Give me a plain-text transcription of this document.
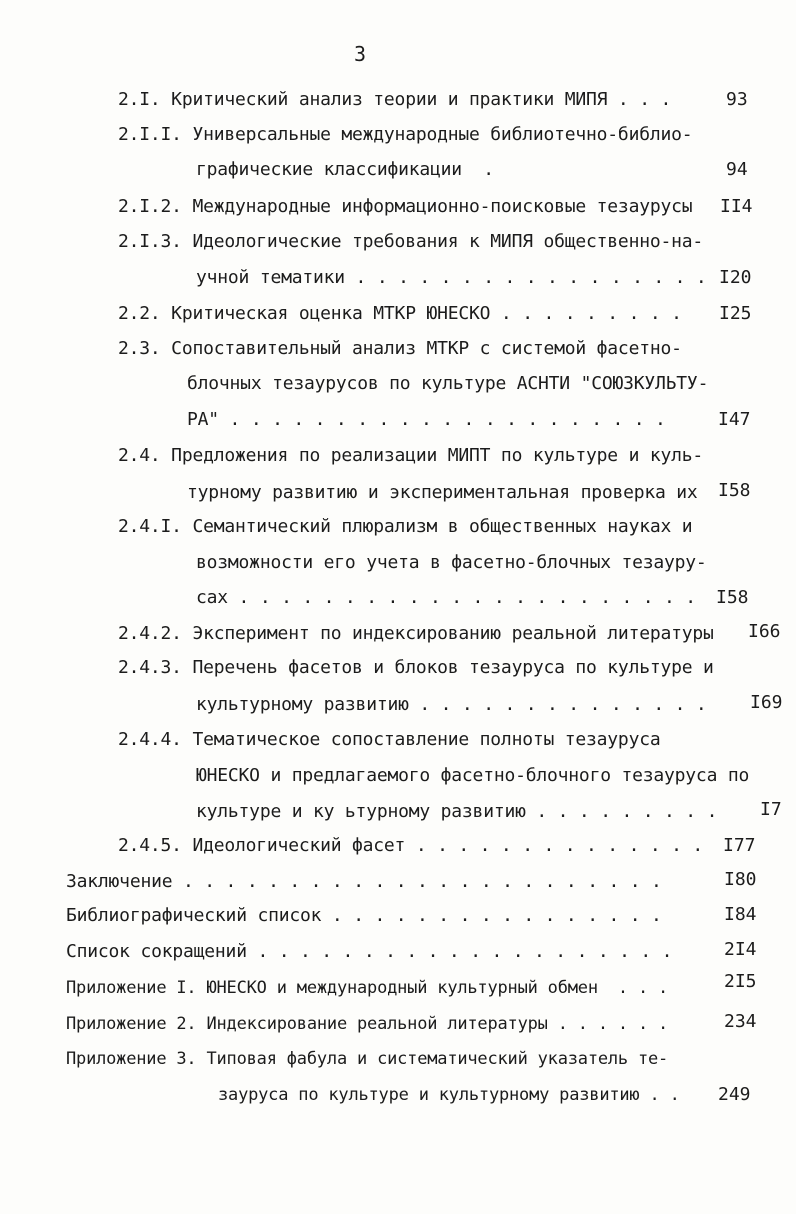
3
2.I. Критический анализ теории и практики МИПЯ . . .	93
2.I.I. Универсальные международные библиотечно-библио-
графические классификации  .	94
2.I.2. Международные информационно-поисковые тезаурусы II4
2.I.3. Идеологические требования к МИПЯ общественно-на-
учной тематики . . . . . . . . . . . . . . . . . I20
2.2. Критическая оценка МТКР ЮНЕСКО . . . . . . . . . I25
2.3. Сопоставительный анализ МТКР с системой фасетно-
блочных тезаурусов по культуре АСНТИ "СОЮЗКУЛЬТУ-
РА" . . . . . . . . . . . . . . . . . . . . .	I47
2.4. Предложения по реализации МИПТ по культуре и куль-
турному развитию и экспериментальная проверка их I58
2.4.I. Семантический плюрализм в общественных науках и
возможности его учета в фасетно-блочных тезауру-
сах . . . . . . . . . . . . . . . . . . . . . . I58
2.4.2. Эксперимент по индексированию реальной литературы I66
2.4.3. Перечень фасетов и блоков тезауруса по культуре и
культурному развитию . . . . . . . . . . . . . . I69
2.4.4. Тематическое сопоставление полноты тезауруса
ЮНЕСКО и предлагаемого фасетно-блочного тезауруса по
культуре и ку ьтурному развитию . . . . . . . . . I7
2.4.5. Идеологический фасет . . . . . . . . . . . . . . I77
Заключение . . . . . . . . . . . . . . . . . . . . . . .	I80
Библиографический список . . . . . . . . . . . . . . . .	I84
Список сокращений . . . . . . . . . . . . . . . . . . . .	2I4
Приложение I. ЮНЕСКО и международный культурный обмен  . . .	2I5
Приложение 2. Индексирование реальной литературы . . . . . .	234
Приложение 3. Типовая фабула и систематический указатель те-
зауруса по культуре и культурному развитию . . 249
